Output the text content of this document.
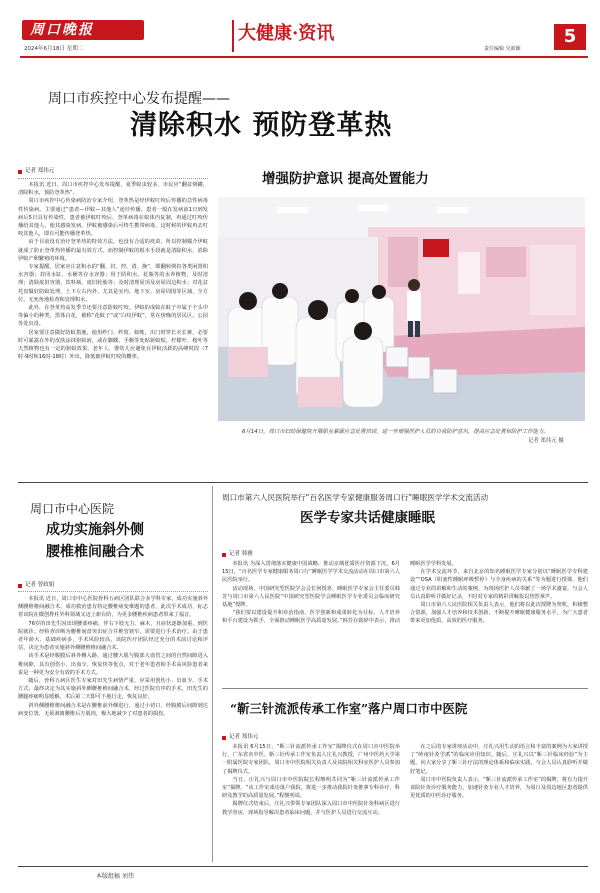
周口晚报
2024年6月18日 星期二
大健康·资讯
责任编辑 吴新颖
5
周口市疾控中心发布提醒——
清除积水 预防登革热
记者 郑伟元

本报讯 近日，周口市疾控中心发布提醒，夏季蚊虫较多，市民应“翻盆倒罐，清除积水，预防登革热”。

周口市疾控中心传染病防治专家介绍，登革热是经伊蚊叮咬后传播的急性病毒性传染病。主要通过“患者—伊蚊—其他人”途径传播。患者一般在发病前1日到发病后5日具有传染性，患者被伊蚊叮咬后，登革病毒在蚊体内复制，再通过叮咬传播给其他人，使其感染发病。伊蚊被感染后可终生携带病毒，这时候的伊蚊再去叮咬其他人，即有可能传播登革热。

由于目前没有治疗登革热的特效方法，也没有合适的疫苗，所以控制媒介伊蚊就成了防止登革热传播的最有效方式。而控制伊蚊的根本手段就是清除积水，消除伊蚊产卵繁殖的环境。

专家提醒，居家应注意积水的“翻、封、控、清、换”，即翻转倒扣各类闲置积水容器；封闭水缸、水桶等存水容器；用于防积水、花瓶等的水养植物，及时清理；清除废旧容器、饮料瓶、废旧轮胎等；及时清理屋顶及房屋周边积水；对花盆托盘做好防蚊处理，上下左右内外，尤其是室内、地下室、房屋周围等区域，全方位、无死角地检查和处理积水。

此外，在登革热高发季节还要注意防蚊叮咬。伊蚊的成蚊在蚊子中属于个头中等偏小的种类，黑体白花，被称“花蚊子”或“白纹伊蚊”，常在傍晚的居民区、公园等处出没。

居家要注意做好防蚊措施，使用纱门、纱窗、蚊帐，出门时穿长衣长裤，必要时可暴露在外的皮肤涂抹驱蚊液，或在脚踝、手腕等处贴驱蚊贴，柠檬叶、桉叶等天然植物也有一定的驱蚊效果。老年人、婴幼儿应避免在伊蚊活跃的高峰时段（7时-9时和16时-18时）外出，降低被伊蚊叮咬的概率。

增强防护意识 提高处置能力
6月14日，周口市妇幼保健院开展职业暴露应急处置培训，进一步增强医护人员的自我防护意识，提高应急处置和防护工作能力。
记者 郑伟元 摄
周口市中心医院
成功实施斜外侧
腰椎椎间融合术
记者 曾政娟

本报讯 近日，周口市中心医院骨科五病区团队联合多学科专家，成功实施斜外侧腰椎椎间融合术，成功救治患有特定腰椎病变难题的患者，此次手术成功，标志着该院在微创脊柱外科领域又迈上新台阶，为更多腰椎疾病患者带来了福音。

76岁的田先生因出现腰部疼痛，伴右下肢无力、麻木，且症状逐渐加重，到医院就诊。经检查诊断为腰椎间盘突出症合并椎管狭窄，需要进行手术治疗。由于患者年龄大、基础疾病多，手术风险较高，该院医疗团队经过充分的术前讨论和评估，决定为患者实施斜外侧腰椎椎间融合术。

该手术是经腹膜后斜外侧入路，通过腰大肌与腹部大血管之间的自然间隙进入椎间隙，具有创伤小、出血少、恢复快等优点，对于老年患者和手术高风险患者来说是一种更为安全有效的手术方式。

随后，骨科五病区医生专家对田先生病情严重，应采用创伤小、出血少、手术方式，最终决定为其实施斜外侧腰椎椎间融合术，经过医院有序的手术，田先生的腰腿疼痛明显缓解，术后第二天即可下地行走，恢复良好。

斜外侧腰椎椎间融合术是在腰椎前外侧进行，通过小切口、经腹膜后间隙到达病变位置，无须剥离腰椎后方肌肉，极大地减少了对患者的损伤。

周口市第六人民医院举行“百名医学专家健康服务周口行”睡眠医学学术交流活动
医学专家共话健康睡眠
记者 韩雅

本报讯 为深入贯彻落实健康中国战略，推动京城优质医疗资源下沉，6月15日，“百名医学专家健康服务周口行”睡眠医学学术交流活动在周口市第六人民医院举行。

活动现场，中国研究型医院学会会长何授喜、睡眠医学专家会主任委员韩芳与周口市第六人民医院“中国研究型医院学会睡眠医学专业委员会临床研究基地”授牌。

“我们要以建设提升和诊治指南，医学创新和成果转化为目标，人才培养和平台建设为抓手，全面推动睡眠医学高质量发展。”韩芳在致辞中表示，推动睡眠医学学科发展。

在学术交流环节，来自北京的知名睡眠医学专家分别以“睡眠医学专科建设”“OSA（阻塞性睡眠呼吸暂停）与全身疾病的关系”等为题进行授课，他们通过专业的讲解和生动的案例，为现场医护人员奉献了一场学术盛宴。与会人员认真聆听并做好记录，不时对专家的精彩讲解报以热烈掌声。

周口市第六人民医院相关负责人表示，他们将以此次授牌为契机，积极整合资源，加强人才培养和技术创新，不断提升睡眠健康服务水平，为广大患者带来更加优质、高效的医疗服务。

“靳三针流派传承工作室”落户周口市中医院
记者 郑伟元

本报讯 6月15日，“靳三针流派传承工作室”揭牌仪式在周口市中医院举行，广东省名中医、靳三针传承工作室负责人庄礼兴教授，广州中医药大学第一附属医院专家团队，周口市中医院相关负责人及该院相关科室医护人员参加了揭牌仪式。

当日，庄礼兴与周口市中医院院长程继明共同为“靳三针流派传承工作室”揭牌。“该工作室成功落户我院，将进一步推动我院针灸推拿专科诊疗、科研及教学的高质量发展。”程继明说。

揭牌仪式结束后，庄礼兴带领专家团队深入周口市中医院针灸科病区进行教学查房，现场指导解决患者临床问题，并与医护人员进行交流互动。

在之后的专家讲座活动中，庄礼兴用生动的语言和丰富的案例为大家讲授了“岭南针灸学派”的临床应用知识。随后，庄礼兴以“靳三针临床经验”为主题，向大家分享了靳三针疗法的理论体系和临床实践，与会人员认真聆听并做好笔记。

周口市中医院负责人表示，“靳三针流派传承工作室”的揭牌，将有力提升该院针灸诊疗服务能力，加速针灸专业人才培养，为周口及周边地区患者提供更优质的中医诊疗服务。

本版组稿 刘伟
